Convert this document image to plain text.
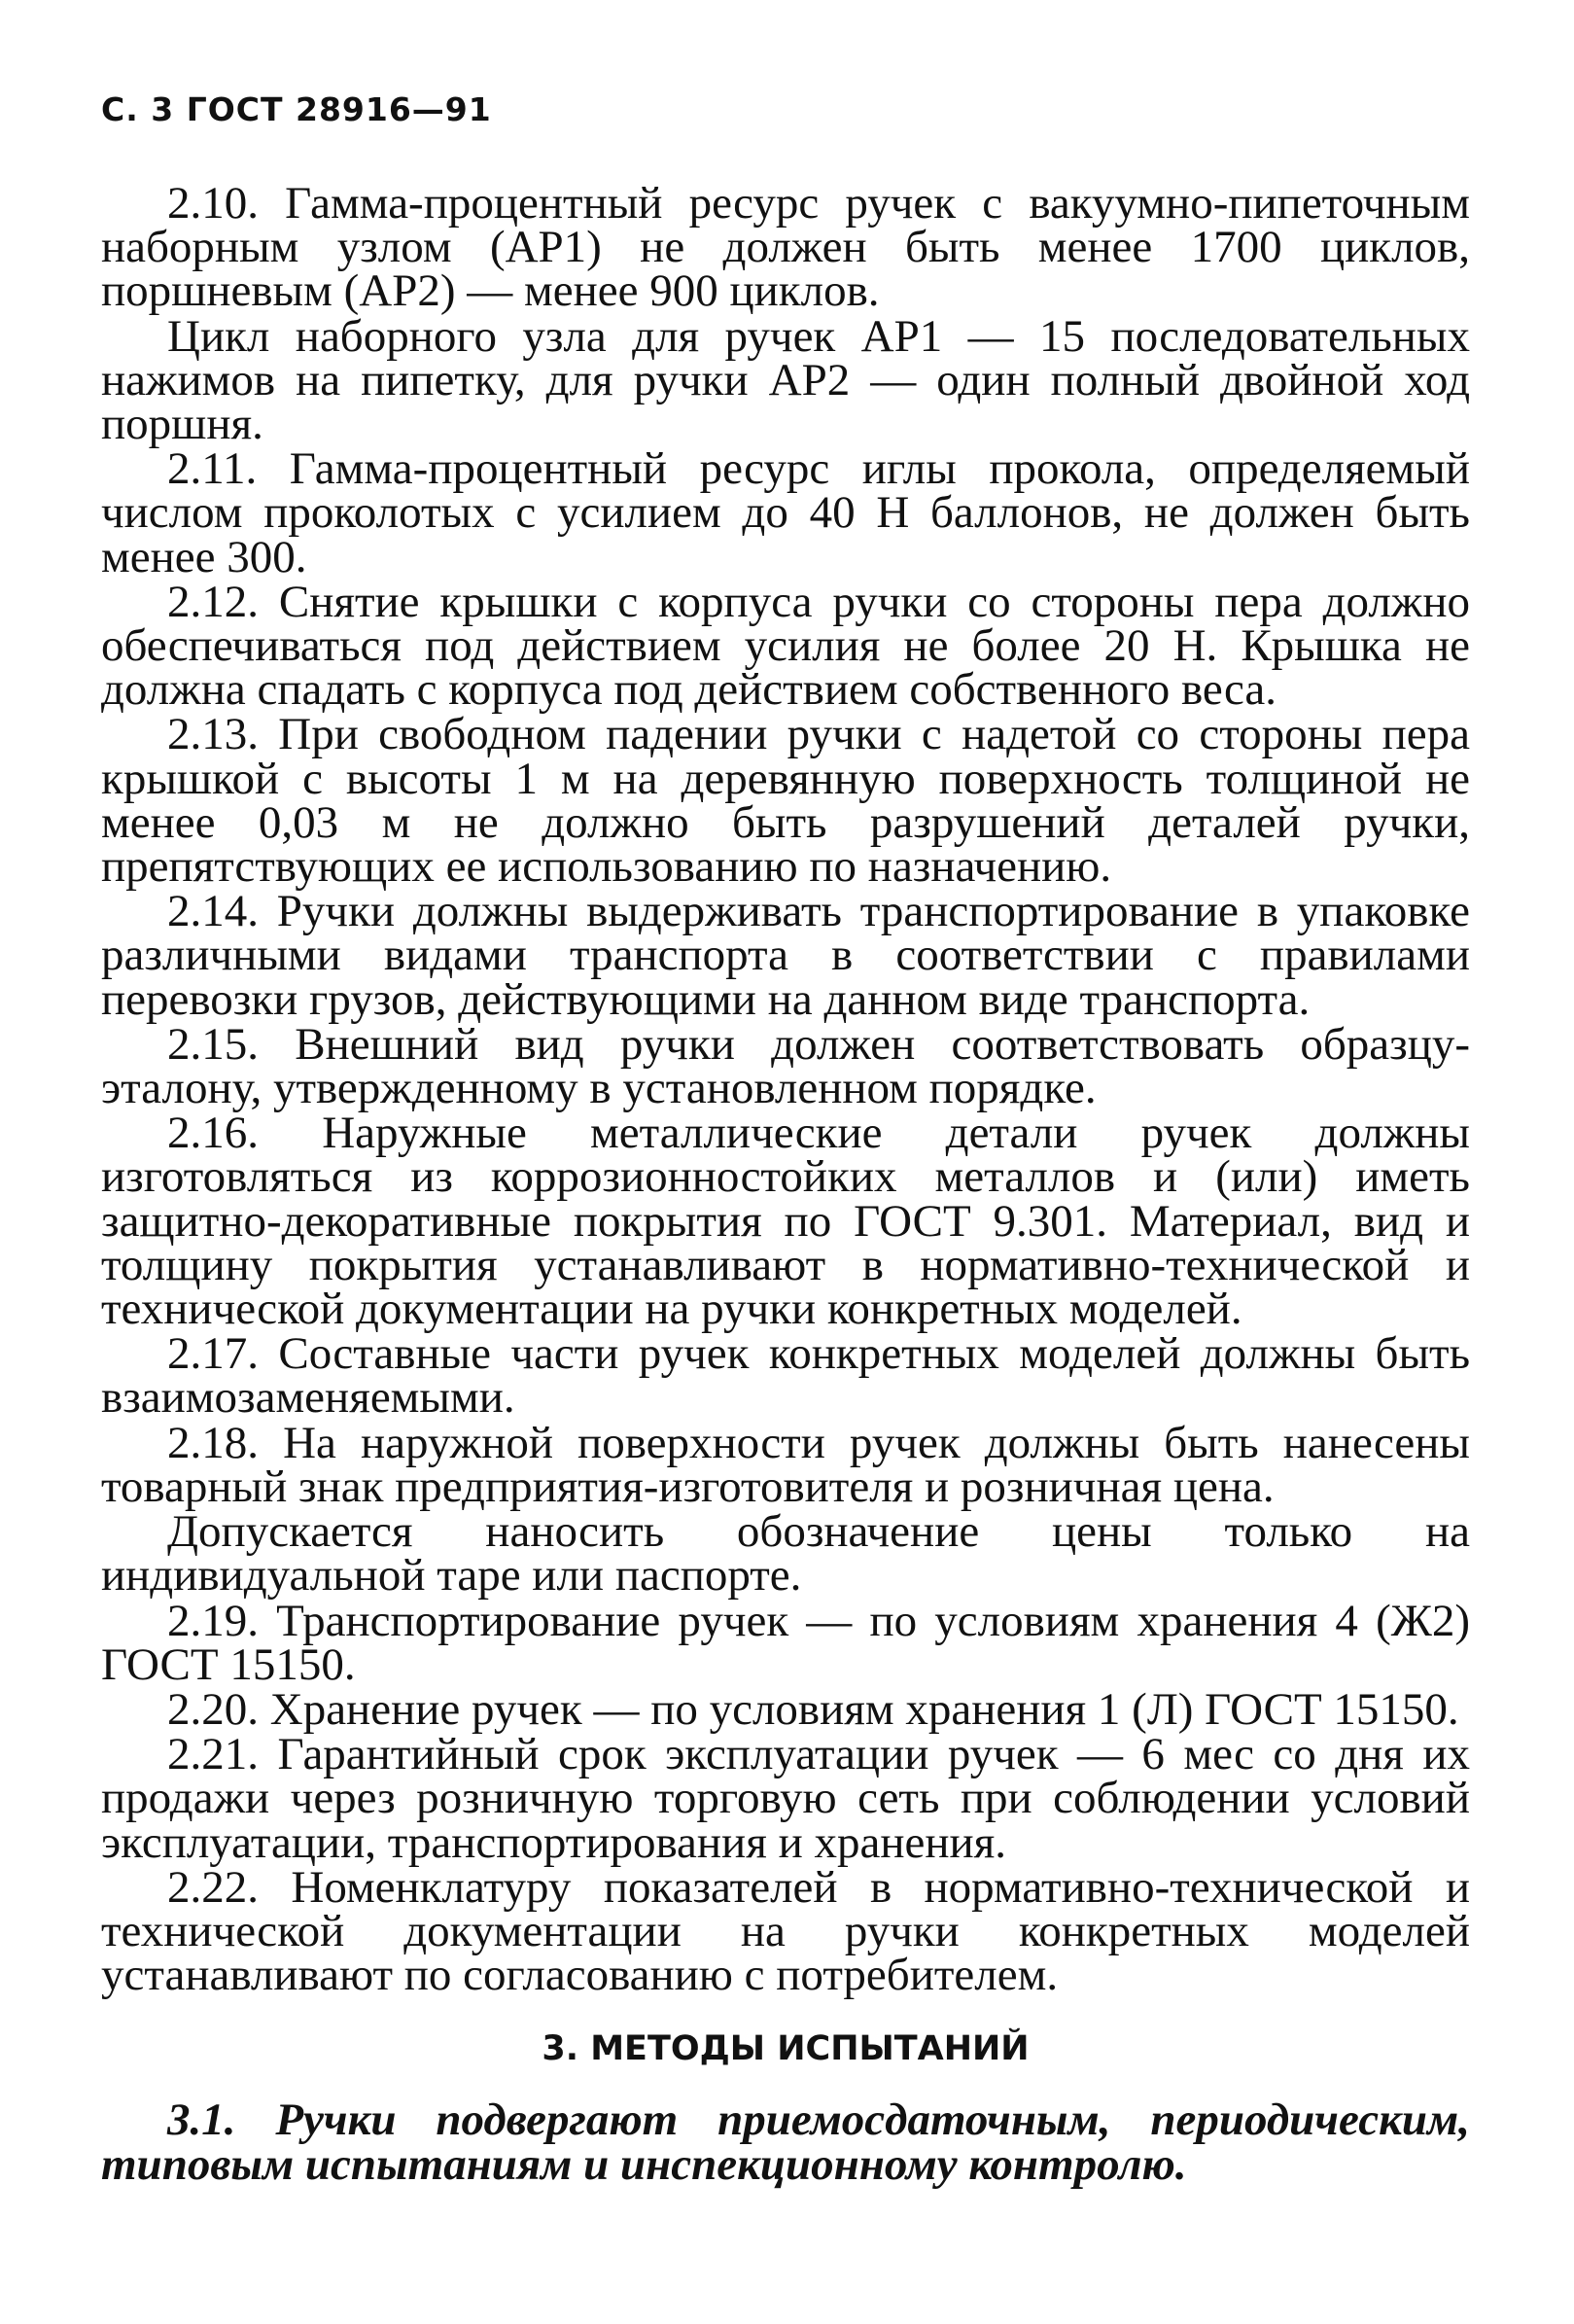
С. 3 ГОСТ 28916—91

2.10. Гамма-процентный ресурс ручек с вакуумно-пипеточным наборным узлом (АР1) не должен быть менее 1700 циклов, поршневым (АР2) — менее 900 циклов.

Цикл наборного узла для ручек АР1 — 15 последовательных нажимов на пипетку, для ручки АР2 — один полный двойной ход поршня.

2.11. Гамма-процентный ресурс иглы прокола, определяемый числом проколотых с усилием до 40 Н баллонов, не должен быть менее 300.

2.12. Снятие крышки с корпуса ручки со стороны пера должно обеспечиваться под действием усилия не более 20 Н. Крышка не должна спадать с корпуса под действием собственного веса.

2.13. При свободном падении ручки с надетой со стороны пера крышкой с высоты 1 м на деревянную поверхность толщиной не менее 0,03 м не должно быть разрушений деталей ручки, препятствующих ее использованию по назначению.

2.14. Ручки должны выдерживать транспортирование в упаковке различными видами транспорта в соответствии с правилами перевозки грузов, действующими на данном виде транспорта.

2.15. Внешний вид ручки должен соответствовать образцу-эталону, утвержденному в установленном порядке.

2.16. Наружные металлические детали ручек должны изготовляться из коррозионностойких металлов и (или) иметь защитно-декоративные покрытия по ГОСТ 9.301. Материал, вид и толщину покрытия устанавливают в нормативно-технической и технической документации на ручки конкретных моделей.

2.17. Составные части ручек конкретных моделей должны быть взаимозаменяемыми.

2.18. На наружной поверхности ручек должны быть нанесены товарный знак предприятия-изготовителя и розничная цена.

Допускается наносить обозначение цены только на индивидуальной таре или паспорте.

2.19. Транспортирование ручек — по условиям хранения 4 (Ж2) ГОСТ 15150.

2.20. Хранение ручек — по условиям хранения 1 (Л) ГОСТ 15150.

2.21. Гарантийный срок эксплуатации ручек — 6 мес со дня их продажи через розничную торговую сеть при соблюдении условий эксплуатации, транспортирования и хранения.

2.22. Номенклатуру показателей в нормативно-технической и технической документации на ручки конкретных моделей устанавливают по согласованию с потребителем.

3. МЕТОДЫ ИСПЫТАНИЙ

3.1. Ручки подвергают приемосдаточным, периодическим, типовым испытаниям и инспекционному контролю.
